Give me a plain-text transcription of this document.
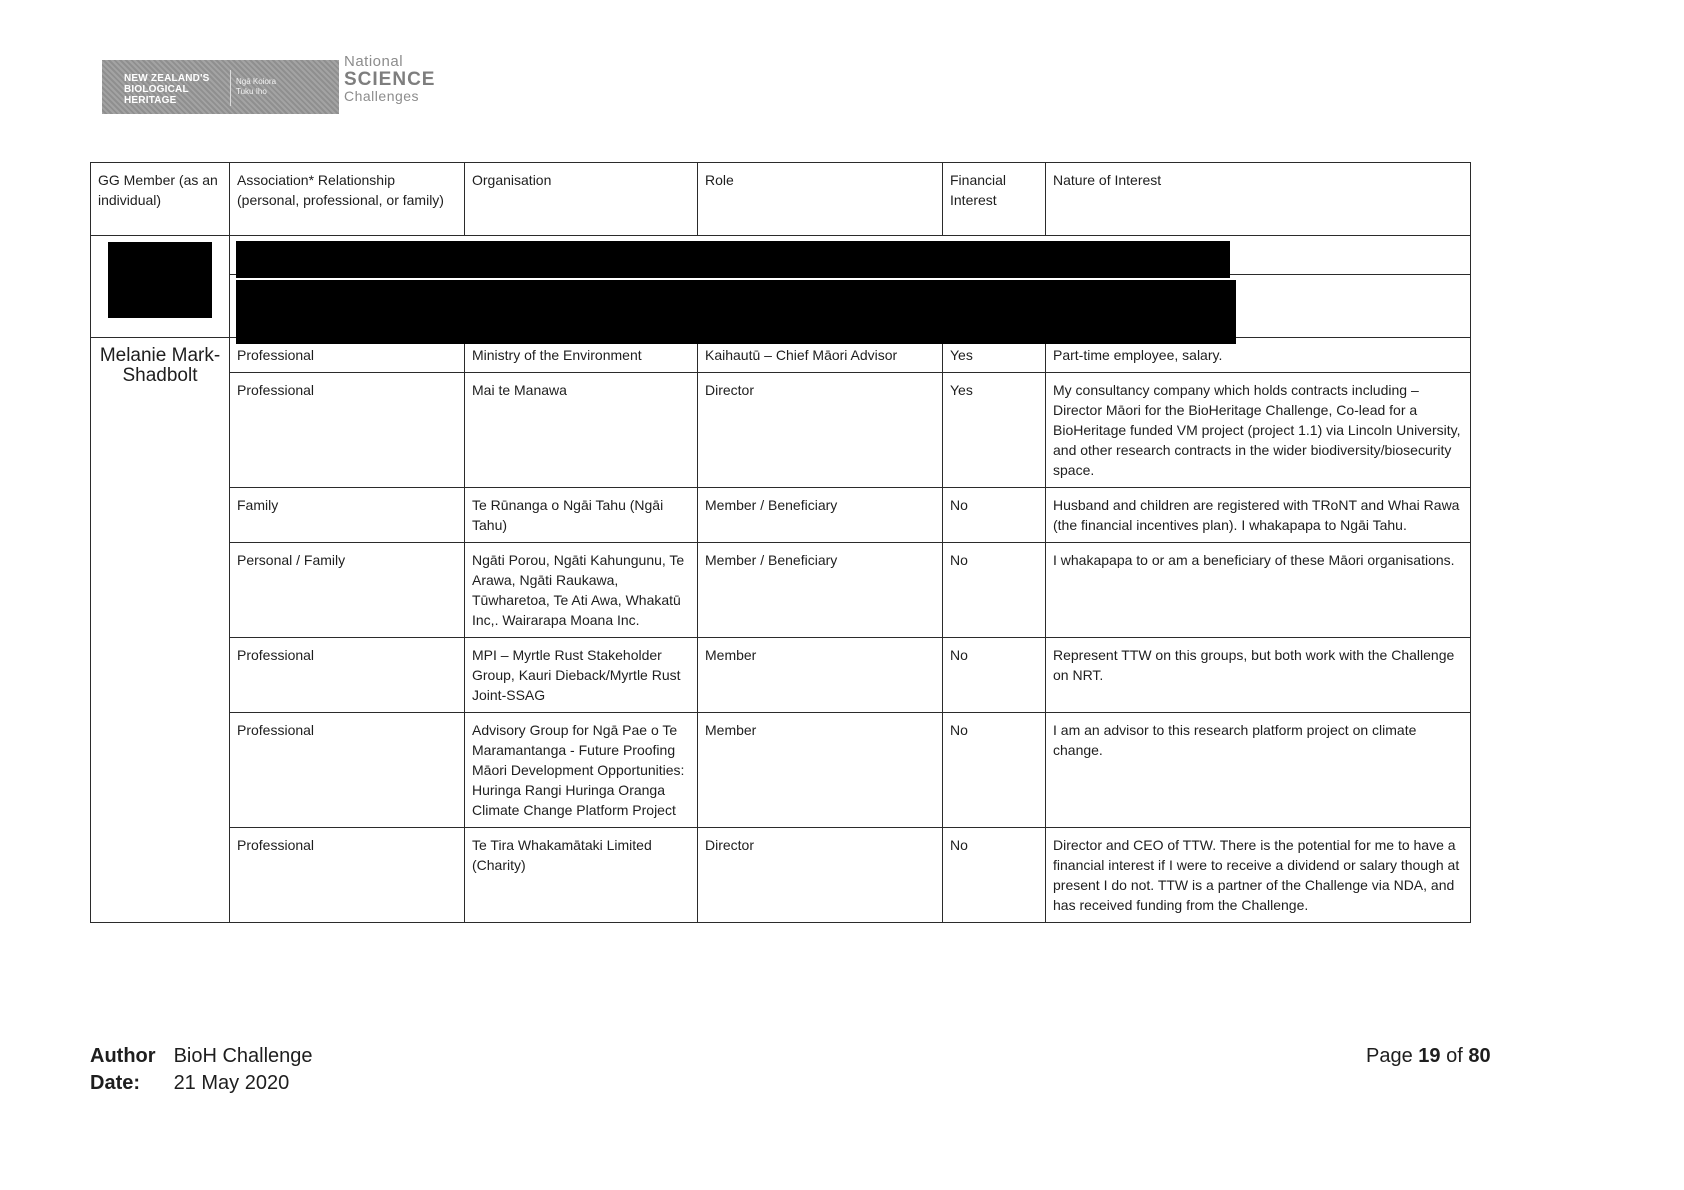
NEW ZEALAND'S
BIOLOGICAL
HERITAGE
Ngā Koiora
Tuku Iho
National
SCIENCE
Challenges
GG Member (as an individual)	Association* Relationship (personal, professional, or family)	Organisation	Role	Financial Interest	Nature of Interest

Melanie Mark-Shadbolt	Professional	Ministry of the Environment	Kaihautū – Chief Māori Advisor	Yes	Part-time employee, salary.
	Professional	Mai te Manawa	Director	Yes	My consultancy company which holds contracts including – Director Māori for the BioHeritage Challenge, Co-lead for a BioHeritage funded VM project (project 1.1) via Lincoln University, and other research contracts in the wider biodiversity/biosecurity space.
	Family	Te Rūnanga o Ngāi Tahu (Ngāi Tahu)	Member / Beneficiary	No	Husband and children are registered with TRoNT and Whai Rawa (the financial incentives plan). I whakapapa to Ngāi Tahu.
	Personal / Family	Ngāti Porou, Ngāti Kahungunu, Te Arawa, Ngāti Raukawa, Tūwharetoa, Te Ati Awa, Whakatū Inc,. Wairarapa Moana Inc.	Member / Beneficiary	No	I whakapapa to or am a beneficiary of these Māori organisations.
	Professional	MPI – Myrtle Rust Stakeholder Group, Kauri Dieback/Myrtle Rust Joint-SSAG	Member	No	Represent TTW on this groups, but both work with the Challenge on NRT.
	Professional	Advisory Group for Ngā Pae o Te Maramantanga - Future Proofing Māori Development Opportunities: Huringa Rangi Huringa Oranga Climate Change Platform Project	Member	No	I am an advisor to this research platform project on climate change.
	Professional	Te Tira Whakamātaki Limited (Charity)	Director	No	Director and CEO of TTW. There is the potential for me to have a financial interest if I were to receive a dividend or salary though at present I do not. TTW is a partner of the Challenge via NDA, and has received funding from the Challenge.
Author BioH Challenge
Date: 21 May 2020
Page 19 of 80
